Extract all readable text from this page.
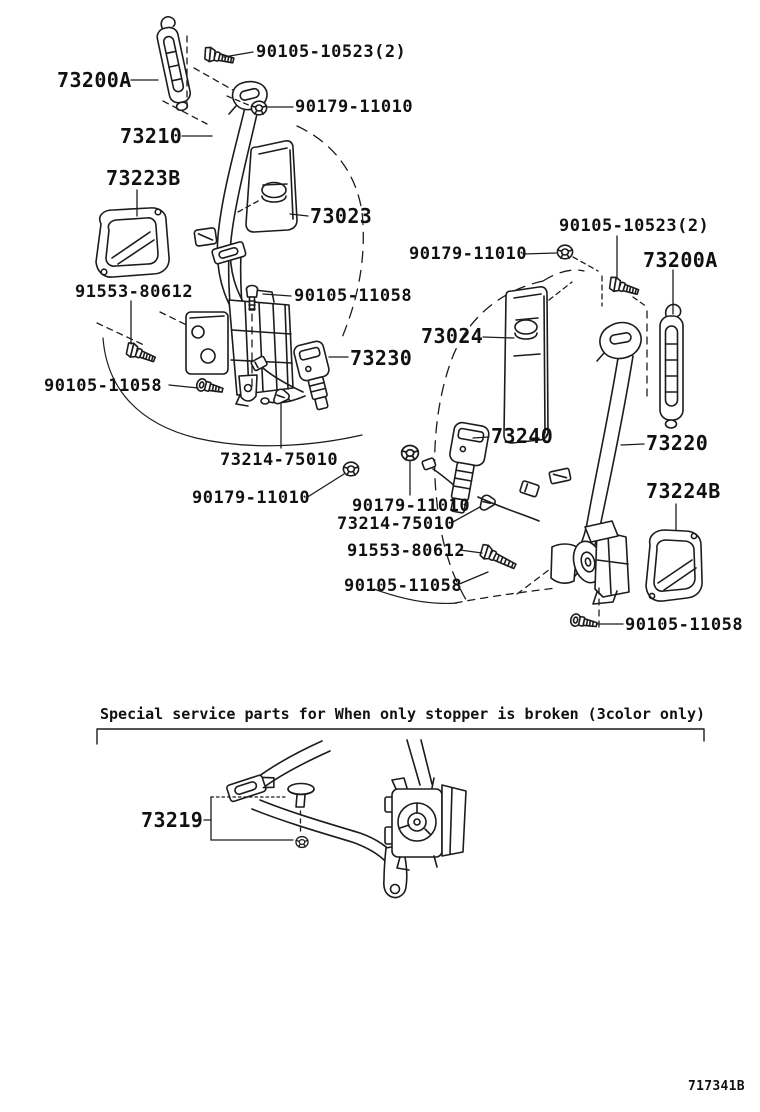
90105-10523(2)
73200A
90179-11010
73210
73223B
73023
91553-80612	90105-11058
90105-11058
73230
73214-75010
90179-11010 90179-11010
73214-75010
91553-80612
90105-11058
73240	73220
73224B
90105-11058
90105-10523(2)
90179-11010	73200A
73024
73219
Special service parts for When only stopper is broken (3color only)
717341B
